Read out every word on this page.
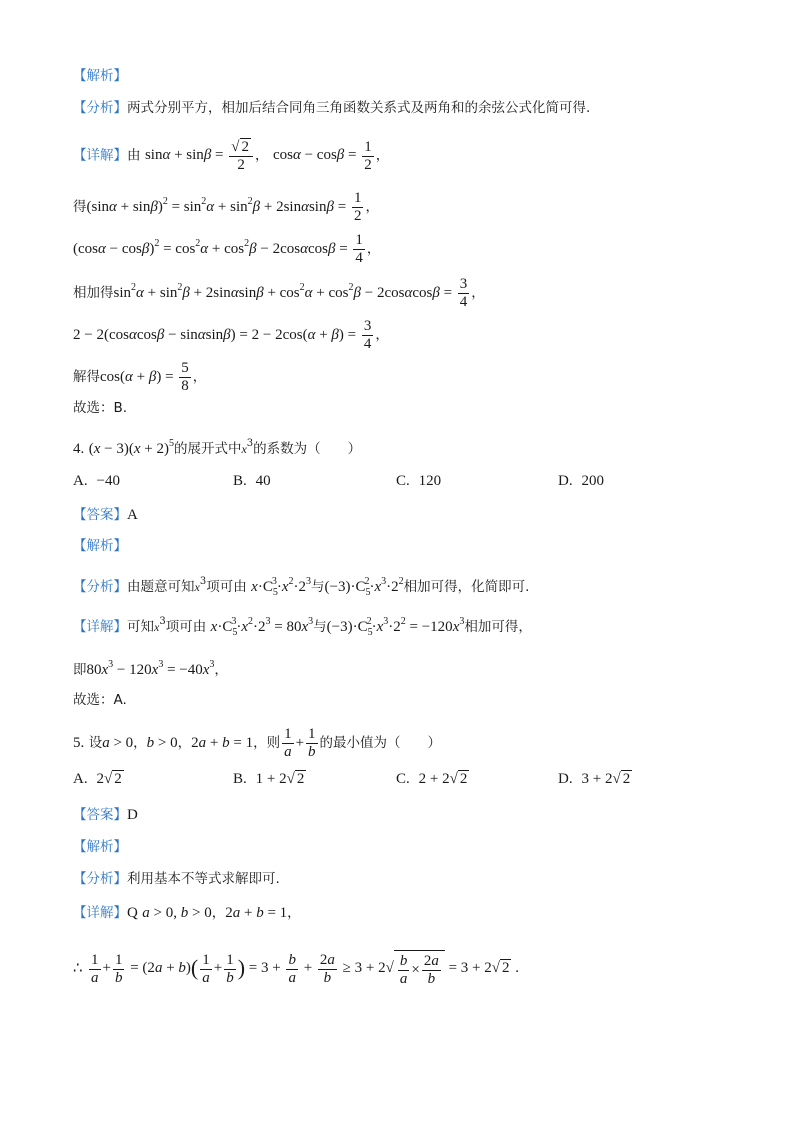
【解析】
【分析】两式分别平方，相加后结合同角三角函数关系式及两角和的余弦公式化简可得.
【详解】由 $\sin\alpha + \sin\beta = \frac{√ 2}{2}$ ， $\cos\alpha - \cos\beta = \frac{1}{2}$ ，
得$(\sin\alpha + \sin\beta)^2 = \sin^2\alpha + \sin^2\beta + 2\sin\alpha\sin\beta = \frac{1}{2}$ ，
$(\cos\alpha - \cos\beta)^2 = \cos^2\alpha + \cos^2\beta - 2\cos\alpha\cos\beta = \frac{1}{4}$ ，
相加得$\sin^2\alpha + \sin^2\beta + 2\sin\alpha\sin\beta + \cos^2\alpha + \cos^2\beta - 2\cos\alpha\cos\beta = \frac{3}{4}$ ，
$2 - 2(\cos\alpha\cos\beta - \sin\alpha\sin\beta) = 2 - 2\cos(\alpha + \beta) = \frac{3}{4}$ ，
解得$\cos(\alpha + \beta) = \frac{5}{8}$ ，
故选：B.
4. $(x - 3)(x + 2)^5$的展开式中$x^3$的系数为（　　）
A. −40	B. 40	C. 120	D. 200
【答案】A
【解析】
【分析】由题意可知$x^3$项可由 $x\cdot C_5^3\cdot x^2\cdot 2^3$与$(-3)\cdot C_5^2\cdot x^3\cdot 2^2$相加可得，化简即可.
【详解】可知$x^3$项可由 $x\cdot C_5^3\cdot x^2\cdot 2^3 = 80x^3$与$(-3)\cdot C_5^2\cdot x^3\cdot 2^2 = -120x^3$相加可得，
即$80x^3 - 120x^3 = -40x^3$，
故选：A.
5. 设a > 0，b > 0，2a + b = 1，则 $\frac{1}{a} + \frac{1}{b}$ 的最小值为（　　）
A. 2√ 2	B. 1 + 2√ 2	C. 2 + 2√ 2	D. 3 + 2√ 2
【答案】D
【解析】
【分析】利用基本不等式求解即可.
【详解】Q a > 0, b > 0，2a + b = 1，
∴ $\frac{1}{a} + \frac{1}{b} = (2a + b)( \frac{1}{a} + \frac{1}{b}$ ) = $3 + \frac{b}{a} + \frac{2a}{b} \ge 3 + 2√ \frac{b}{a} \times \frac{2a}{b} = 3 + 2√$ 2 .
